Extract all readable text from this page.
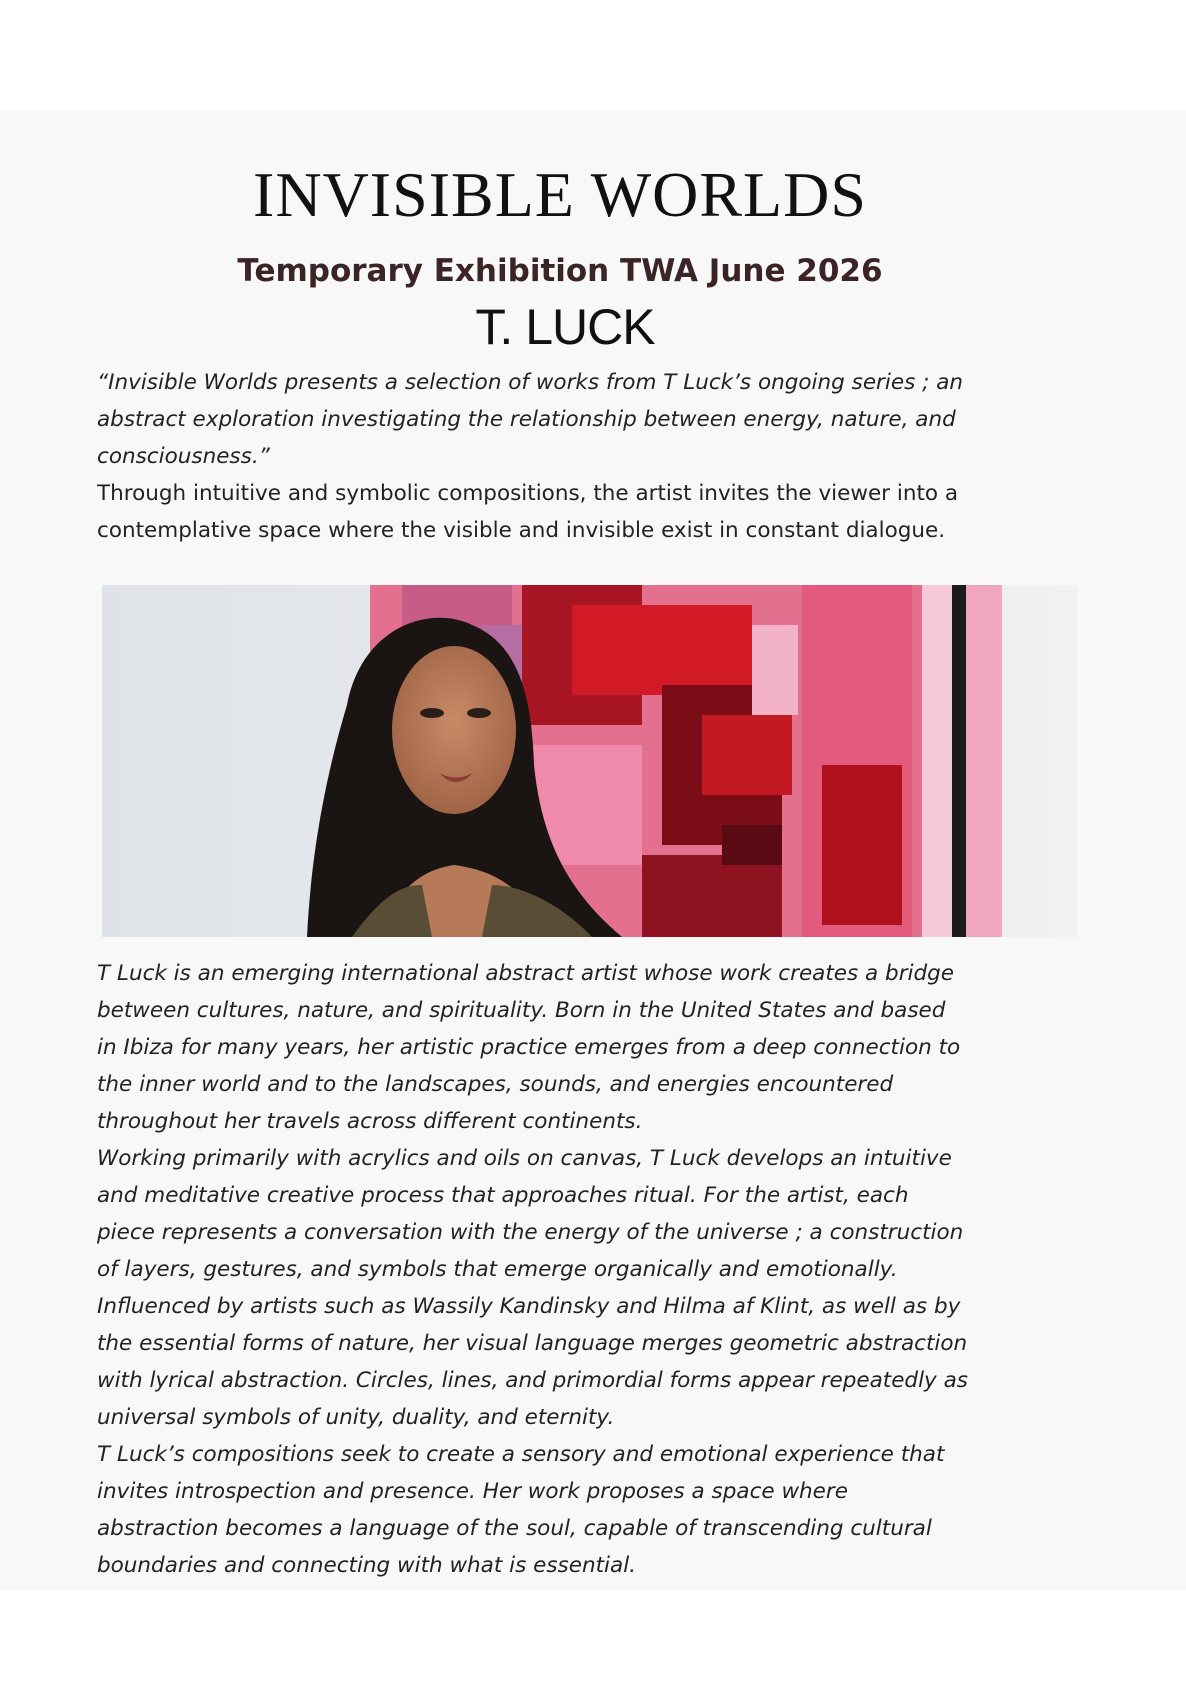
INVISIBLE WORLDS
Temporary Exhibition TWA June 2026
T. LUCK
“Invisible Worlds presents a selection of works from T Luck’s ongoing series ; an
abstract exploration investigating the relationship between energy, nature, and
consciousness.”
Through intuitive and symbolic compositions, the artist invites the viewer into a
contemplative space where the visible and invisible exist in constant dialogue.
T Luck is an emerging international abstract artist whose work creates a bridge
between cultures, nature, and spirituality. Born in the United States and based
in Ibiza for many years, her artistic practice emerges from a deep connection to
the inner world and to the landscapes, sounds, and energies encountered
throughout her travels across different continents.
Working primarily with acrylics and oils on canvas, T Luck develops an intuitive
and meditative creative process that approaches ritual. For the artist, each
piece represents a conversation with the energy of the universe ; a construction
of layers, gestures, and symbols that emerge organically and emotionally.
Influenced by artists such as Wassily Kandinsky and Hilma af Klint, as well as by
the essential forms of nature, her visual language merges geometric abstraction
with lyrical abstraction. Circles, lines, and primordial forms appear repeatedly as
universal symbols of unity, duality, and eternity.
T Luck’s compositions seek to create a sensory and emotional experience that
invites introspection and presence. Her work proposes a space where
abstraction becomes a language of the soul, capable of transcending cultural
boundaries and connecting with what is essential.
